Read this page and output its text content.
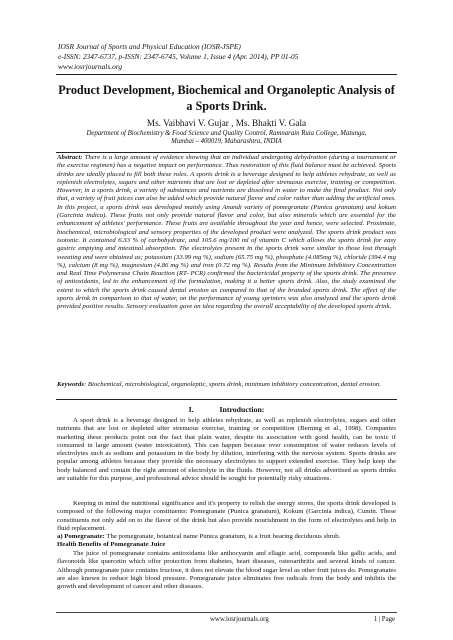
IOSR Journal of Sports and Physical Education (IOSR-JSPE)
e-ISSN: 2347-6737, p-ISSN: 2347-6745, Volume 1, Issue 4 (Apr. 2014), PP 01-05
www.iosrjournals.org
Product Development, Biochemical and Organoleptic Analysis of a Sports Drink.
Ms. Vaibhavi V. Gujar , Ms. Bhakti V. Gala
Department of Biochemistry & Food Science and Quality Control, Ramnarain Ruia College, Matunga,
Mumbai – 400019, Maharashtra, INDIA
Abstract: There is a large amount of evidence showing that an individual undergoing dehydration (during a tournament or the exercise regimen) has a negative impact on performance. Thus restoration of this fluid balance must be achieved. Sports drinks are ideally placed to fill both these roles. A sports drink is a beverage designed to help athletes rehydrate, as well as replenish electrolytes, sugars and other nutrients that are lost or depleted after strenuous exercise, training or competition. However, in a sports drink, a variety of substances and nutrients are dissolved in water to make the final product. Not only that, a variety of fruit juices can also be added which provide natural flavor and color rather than adding the artificial ones. In this project, a sports drink was developed mainly using Anandi variety of pomegranate (Punica granatum) and kokum (Garcinia indica). These fruits not only provide natural flavor and color, but also minerals which are essential for the enhancement of athletes' performance. These fruits are available throughout the year and hence, were selected. Proximate, biochemical, microbiological and sensory properties of the developed product were analyzed. The sports drink product was isotonic. It contained 6.33 % of carbohydrate, and 105.6 mg/100 ml of vitamin C which allows the sports drink for easy gastric emptying and intestinal absorption. The electrolytes present in the sports drink were similar to those lost through sweating and were obtained as; potassium (33.99 mg %), sodium (65.75 mg %), phosphate (4.085mg %), chloride (394.4 mg %), calcium (8 mg %), magnesium (4.86 mg %) and iron (0.72 mg %). Results from the Minimum Inhibitory Concentration and Real Time Polymerase Chain Reaction (RT- PCR) confirmed the bactericidal property of the sports drink. The presence of antioxidants, led to the enhancement of the formulation, making it a better sports drink. Also, the study examined the extent to which the sports drink caused dental erosion as compared to that of the branded sports drink. The effect of the sports drink in comparison to that of water, on the performance of young sprinters was also analyzed and the sports drink provided positive results. Sensory evaluation gave an idea regarding the overall acceptability of the developed sports drink.
Keywords: Biochemical, microbiological, organoleptic, sports drink, minimum inhibitory concentration, dental erosion.
I.	Introduction:
A sport drink is a beverage designed to help athletes rehydrate, as well as replenish electrolytes, sugars and other nutrients that are lost or depleted after strenuous exercise, training or competition (Berning et al., 1998). Companies marketing these products point out the fact that plain water, despite its association with good health, can be toxic if consumed in large amount (water intoxication). This can happen because over consumption of water reduces levels of electrolytes such as sodium and potassium in the body by dilution, interfering with the nervous system. Sports drinks are popular among athletes because they provide the necessary electrolytes to support extended exercise. They help keep the body balanced and contain the right amount of electrolyte in the fluids. However, not all drinks advertised as sports drinks are suitable for this purpose, and professional advice should be sought for potentially risky situations.
Keeping in mind the nutritional significance and it's property to relish the energy stores, the sports drink developed is composed of the following major constituents: Pomegranate (Punica granatum), Kokum (Garcinia indica), Cumin. These constituents not only add on to the flavor of the drink but also provide nourishment in the form of electrolytes and help in fluid replacement.
a) Pomegranate: The pomegranate, botanical name Punica granatum, is a fruit bearing deciduous shrub.
Health Benefits of Pomegranate Juice
The juice of pomegranate contains antioxidants like anthocyanin and ellagic acid, compounds like gallic acids, and flavonoids like quercetin which offer protection from diabetes, heart diseases, osteoarthritis and several kinds of cancer. Although pomegranate juice contains fructose, it does not elevate the blood sugar level as other fruit juices do. Pomegranates are also known to reduce high blood pressure. Pomegranate juice eliminates free radicals from the body and inhibits the growth and development of cancer and other diseases.
www.iosrjournals.org	1 | Page
